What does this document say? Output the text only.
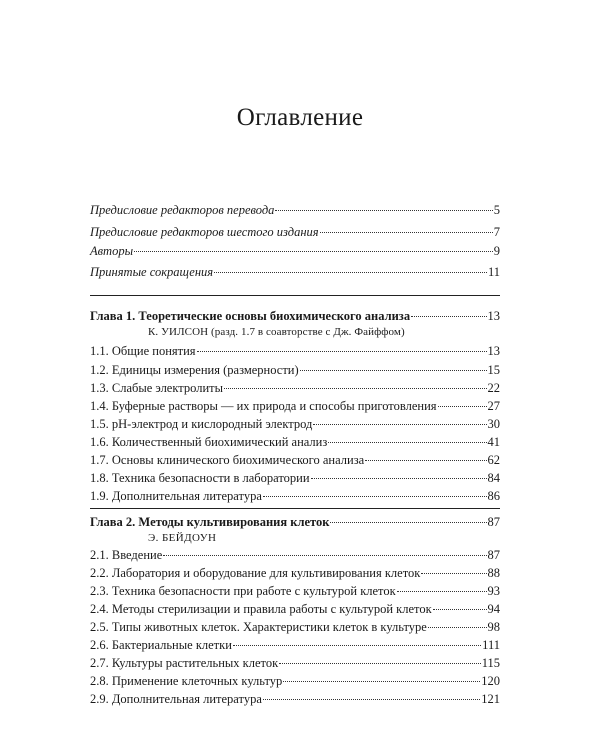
Оглавление
Предисловие редакторов перевода	5
Предисловие редакторов шестого издания	7
Авторы	9
Принятые сокращения	11
Глава 1. Теоретические основы биохимического анализа	13
К. УИЛСОН (разд. 1.7 в соавторстве с Дж. Файффом)
1.1. Общие понятия	13
1.2. Единицы измерения (размерности)	15
1.3. Слабые электролиты	22
1.4. Буферные растворы — их природа и способы приготовления	27
1.5. pH-электрод и кислородный электрод	30
1.6. Количественный биохимический анализ	41
1.7. Основы клинического биохимического анализа	62
1.8. Техника безопасности в лаборатории	84
1.9. Дополнительная литература	86
Глава 2. Методы культивирования клеток	87
Э. БЕЙДОУН
2.1. Введение	87
2.2. Лаборатория и оборудование для культивирования клеток	88
2.3. Техника безопасности при работе с культурой клеток	93
2.4. Методы стерилизации и правила работы с культурой клеток	94
2.5. Типы животных клеток. Характеристики клеток в культуре	98
2.6. Бактериальные клетки	111
2.7. Культуры растительных клеток	115
2.8. Применение клеточных культур	120
2.9. Дополнительная литература	121
